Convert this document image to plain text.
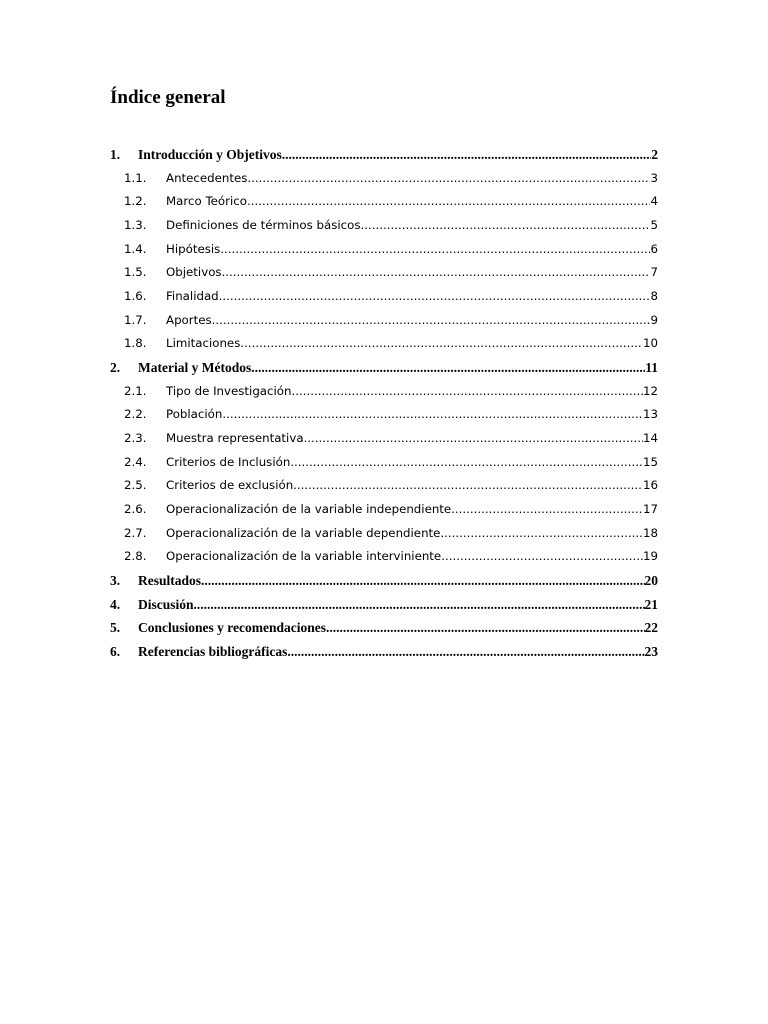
Índice general
1.	Introducción y Objetivos .....	2
1.1.	Antecedentes .....	3
1.2.	Marco Teórico .....	4
1.3.	Definiciones de términos básicos .....	5
1.4.	Hipótesis .....	6
1.5.	Objetivos .....	7
1.6.	Finalidad .....	8
1.7.	Aportes .....	9
1.8.	Limitaciones .....	10
2.	Material y Métodos .....	11
2.1.	Tipo de Investigación .....	12
2.2.	Población .....	13
2.3.	Muestra representativa .....	14
2.4.	Criterios de Inclusión .....	15
2.5.	Criterios de exclusión .....	16
2.6.	Operacionalización de la variable independiente .....	17
2.7.	Operacionalización de la variable dependiente .....	18
2.8.	Operacionalización de la variable interviniente .....	19
3.	Resultados .....	20
4.	Discusión .....	21
5.	Conclusiones y recomendaciones .....	22
6.	Referencias bibliográficas .....	23
